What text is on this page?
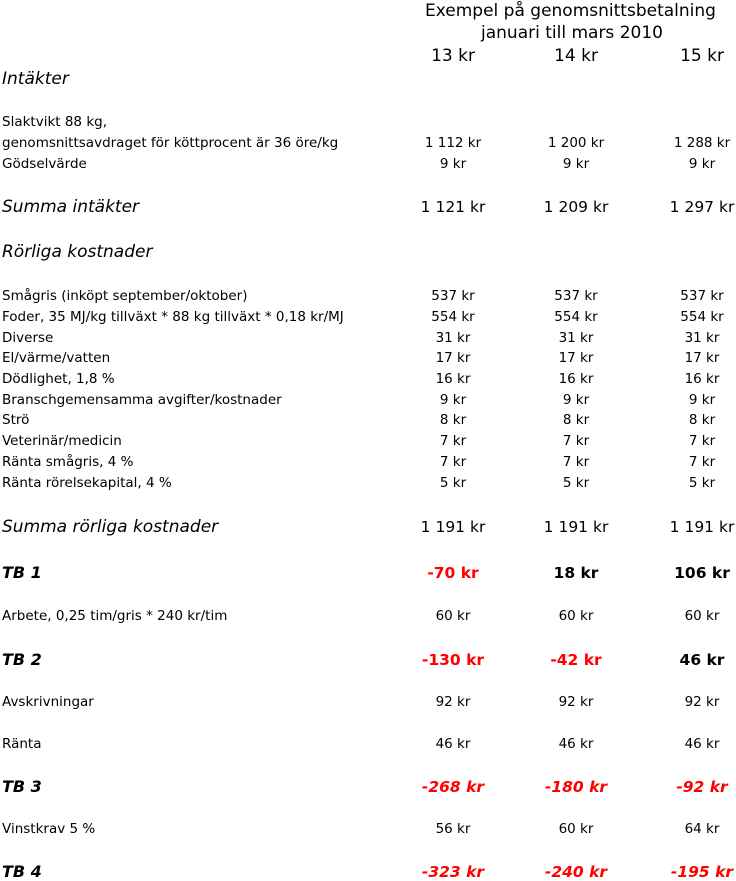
Exempel på genomsnittsbetalning
januari till mars 2010
13 kr	14 kr	15 kr
Intäkter
Slaktvikt 88 kg,
genomsnittsavdraget för köttprocent är 36 öre/kg	1 112 kr	1 200 kr	1 288 kr
Gödselvärde	9 kr	9 kr	9 kr
Summa intäkter	1 121 kr	1 209 kr	1 297 kr
Rörliga kostnader
Smågris (inköpt september/oktober)	537 kr	537 kr	537 kr
Foder, 35 MJ/kg tillväxt * 88 kg tillväxt * 0,18 kr/MJ	554 kr	554 kr	554 kr
Diverse	31 kr	31 kr	31 kr
El/värme/vatten	17 kr	17 kr	17 kr
Dödlighet, 1,8 %	16 kr	16 kr	16 kr
Branschgemensamma avgifter/kostnader	9 kr	9 kr	9 kr
Strö	8 kr	8 kr	8 kr
Veterinär/medicin	7 kr	7 kr	7 kr
Ränta smågris, 4 %	7 kr	7 kr	7 kr
Ränta rörelsekapital, 4 %	5 kr	5 kr	5 kr
Summa rörliga kostnader	1 191 kr	1 191 kr	1 191 kr
TB 1	-70 kr	18 kr	106 kr
Arbete, 0,25 tim/gris * 240 kr/tim	60 kr	60 kr	60 kr
TB 2	-130 kr	-42 kr	46 kr
Avskrivningar	92 kr	92 kr	92 kr
Ränta	46 kr	46 kr	46 kr
TB 3	-268 kr	-180 kr	-92 kr
Vinstkrav 5 %	56 kr	60 kr	64 kr
TB 4	-323 kr	-240 kr	-195 kr
